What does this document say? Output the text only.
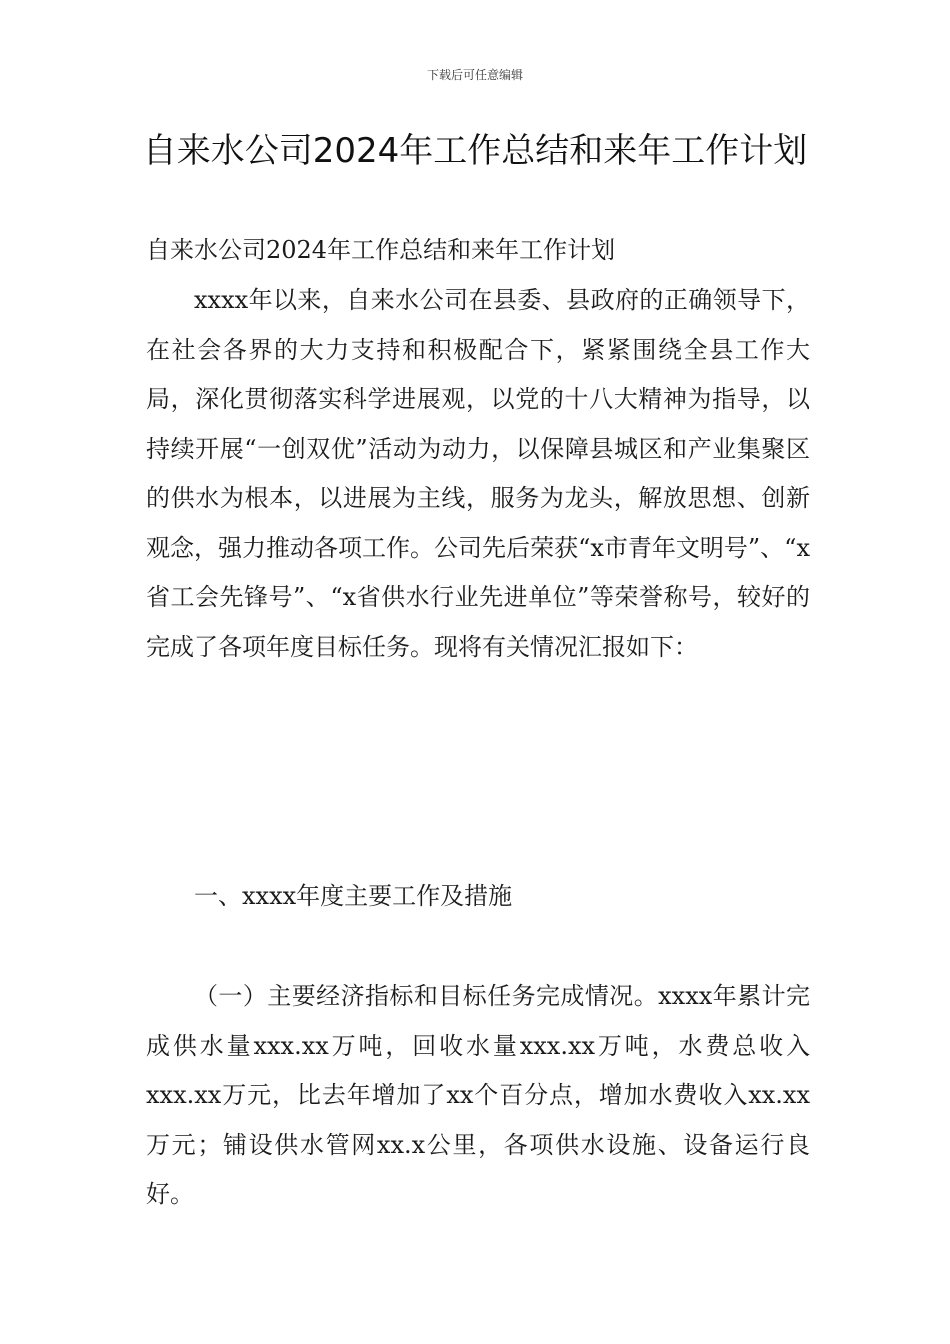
下载后可任意编辑
自来水公司2024年工作总结和来年工作计划

自来水公司2024年工作总结和来年工作计划

xxxx年以来，自来水公司在县委、县政府的正确领导下，在社会各界的大力支持和积极配合下，紧紧围绕全县工作大局，深化贯彻落实科学进展观，以党的十八大精神为指导，以持续开展“一创双优”活动为动力，以保障县城区和产业集聚区的供水为根本，以进展为主线，服务为龙头，解放思想、创新观念，强力推动各项工作。公司先后荣获“x市青年文明号”、“x省工会先锋号”、“x省供水行业先进单位”等荣誉称号，较好的完成了各项年度目标任务。现将有关情况汇报如下：

一、xxxx年度主要工作及措施

（一）主要经济指标和目标任务完成情况。xxxx年累计完成供水量xxx.xx万吨，回收水量xxx.xx万吨，水费总收入xxx.xx万元，比去年增加了xx个百分点，增加水费收入xx.xx万元；铺设供水管网xx.x公里，各项供水设施、设备运行良好。
